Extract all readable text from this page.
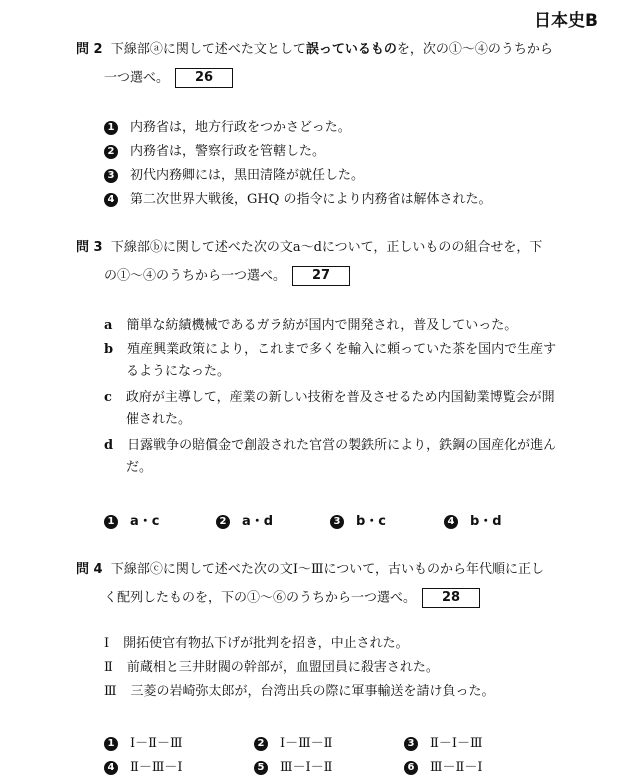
日本史B
問 2 下線部ⓐに関して述べた文として誤っているものを，次の①～④のうちから
一つ選べ。 26
1 内務省は，地方行政をつかさどった。
2 内務省は，警察行政を管轄した。
3 初代内務卿には，黒田清隆が就任した。
4 第二次世界大戦後，GHQ の指令により内務省は解体された。
問 3 下線部ⓑに関して述べた次の文a～dについて，正しいものの組合せを，下
の①～④のうちから一つ選べ。 27
a 簡単な紡績機械であるガラ紡が国内で開発され，普及していった。
b 殖産興業政策により，これまで多くを輸入に頼っていた茶を国内で生産す
るようになった。
c 政府が主導して，産業の新しい技術を普及させるため内国勧業博覧会が開
催された。
d 日露戦争の賠償金で創設された官営の製鉄所により，鉄鋼の国産化が進ん
だ。
1 a・c	2 a・d	3 b・c	4 b・d
問 4 下線部ⓒに関して述べた次の文Ⅰ～Ⅲについて，古いものから年代順に正し
く配列したものを，下の①～⑥のうちから一つ選べ。 28
Ⅰ 開拓使官有物払下げが批判を招き，中止された。
Ⅱ 前蔵相と三井財閥の幹部が，血盟団員に殺害された。
Ⅲ 三菱の岩崎弥太郎が，台湾出兵の際に軍事輸送を請け負った。
1 Ⅰ－Ⅱ－Ⅲ	2 Ⅰ－Ⅲ－Ⅱ	3 Ⅱ－Ⅰ－Ⅲ
4 Ⅱ－Ⅲ－Ⅰ	5 Ⅲ－Ⅰ－Ⅱ	6 Ⅲ－Ⅱ－Ⅰ
